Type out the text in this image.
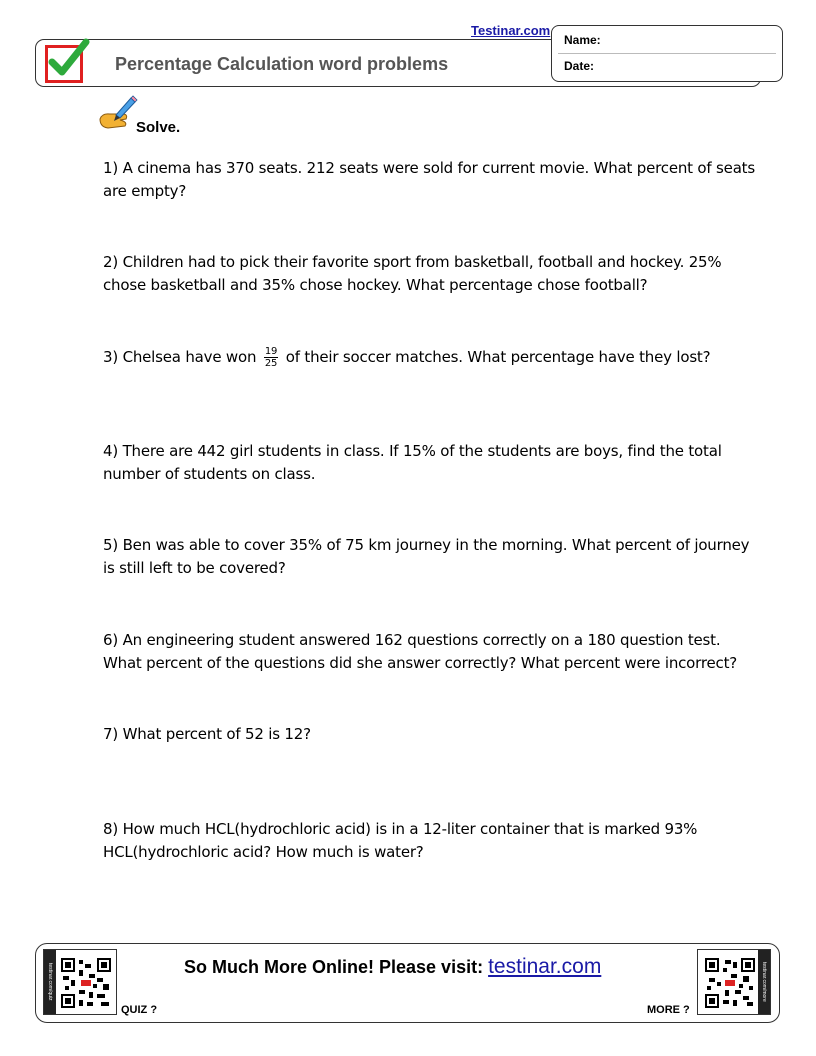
Testinar.com
Percentage Calculation word problems
Name:
Date:
Solve.
1) A cinema has 370 seats. 212 seats were sold for current movie. What percent of seats are empty?
2) Children had to pick their favorite sport from basketball, football and hockey. 25% chose basketball and 35% chose hockey. What percentage chose football?
3) Chelsea have won $\frac{19}{25}$ of their soccer matches. What percentage have they lost?
4) There are 442 girl students in class. If 15% of the students are boys, find the total number of students on class.
5) Ben was able to cover 35% of 75 km journey in the morning. What percent of journey is still left to be covered?
6) An engineering student answered 162 questions correctly on a 180 question test. What percent of the questions did she answer correctly? What percent were incorrect?
7) What percent of 52 is 12?
8) How much HCL(hydrochloric acid) is in a 12-liter container that is marked 93% HCL(hydrochloric acid? How much is water?
testinar.com/quiz	testinar.com/more
So Much More Online! Please visit: testinar.com
QUIZ ?	MORE ?
